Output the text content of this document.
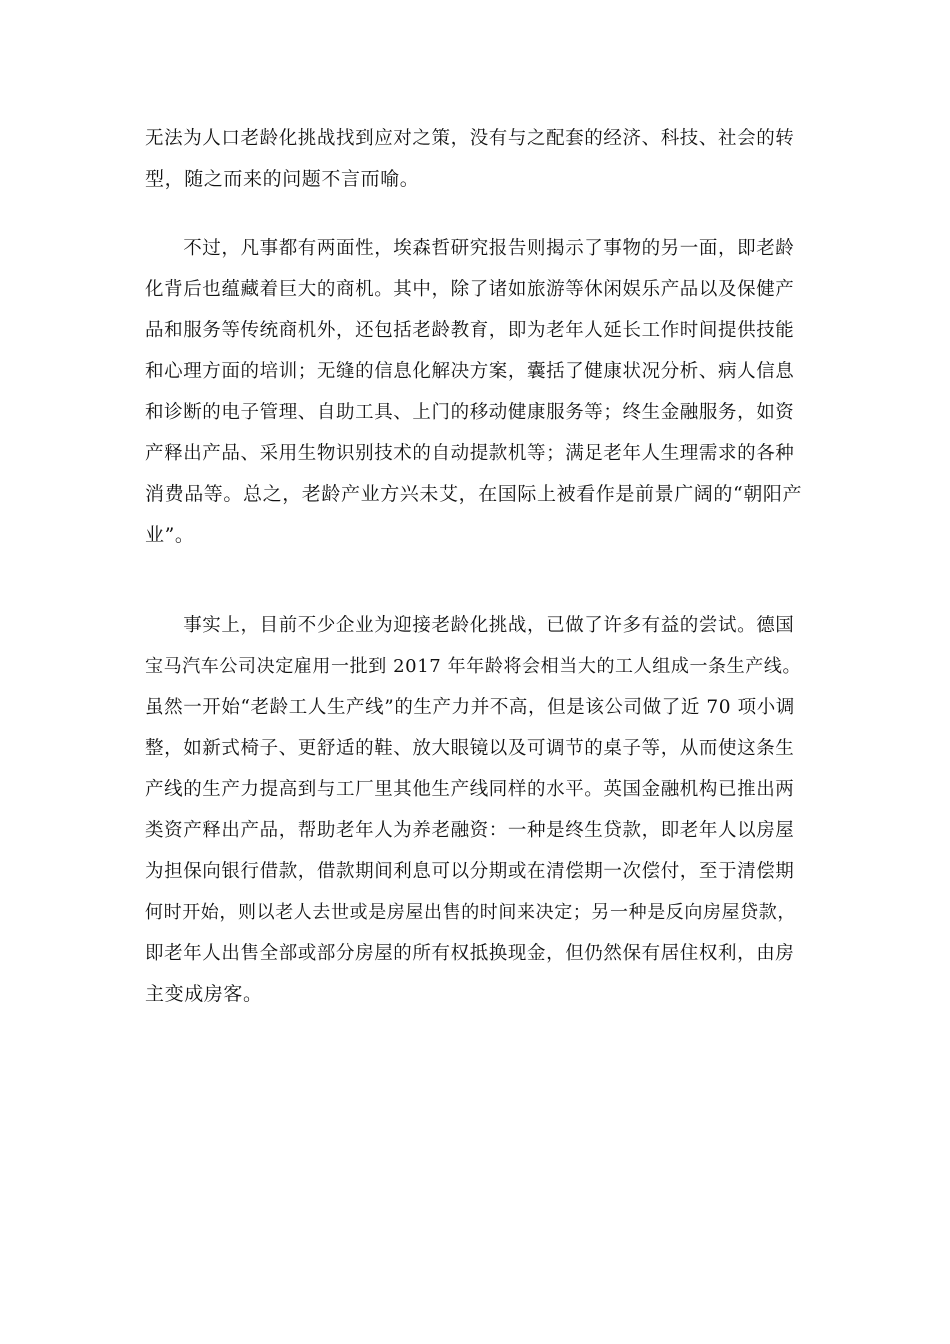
无法为人口老龄化挑战找到应对之策，没有与之配套的经济、科技、社会的转
型，随之而来的问题不言而喻。
　　不过，凡事都有两面性，埃森哲研究报告则揭示了事物的另一面，即老龄
化背后也蕴藏着巨大的商机。其中，除了诸如旅游等休闲娱乐产品以及保健产
品和服务等传统商机外，还包括老龄教育，即为老年人延长工作时间提供技能
和心理方面的培训；无缝的信息化解决方案，囊括了健康状况分析、病人信息
和诊断的电子管理、自助工具、上门的移动健康服务等；终生金融服务，如资
产释出产品、采用生物识别技术的自动提款机等；满足老年人生理需求的各种
消费品等。总之，老龄产业方兴未艾，在国际上被看作是前景广阔的“朝阳产
业”。
　　事实上，目前不少企业为迎接老龄化挑战，已做了许多有益的尝试。德国
宝马汽车公司决定雇用一批到 2017 年年龄将会相当大的工人组成一条生产线。
虽然一开始“老龄工人生产线”的生产力并不高，但是该公司做了近 70 项小调
整，如新式椅子、更舒适的鞋、放大眼镜以及可调节的桌子等，从而使这条生
产线的生产力提高到与工厂里其他生产线同样的水平。英国金融机构已推出两
类资产释出产品，帮助老年人为养老融资：一种是终生贷款，即老年人以房屋
为担保向银行借款，借款期间利息可以分期或在清偿期一次偿付，至于清偿期
何时开始，则以老人去世或是房屋出售的时间来决定；另一种是反向房屋贷款，
即老年人出售全部或部分房屋的所有权抵换现金，但仍然保有居住权利，由房
主变成房客。
